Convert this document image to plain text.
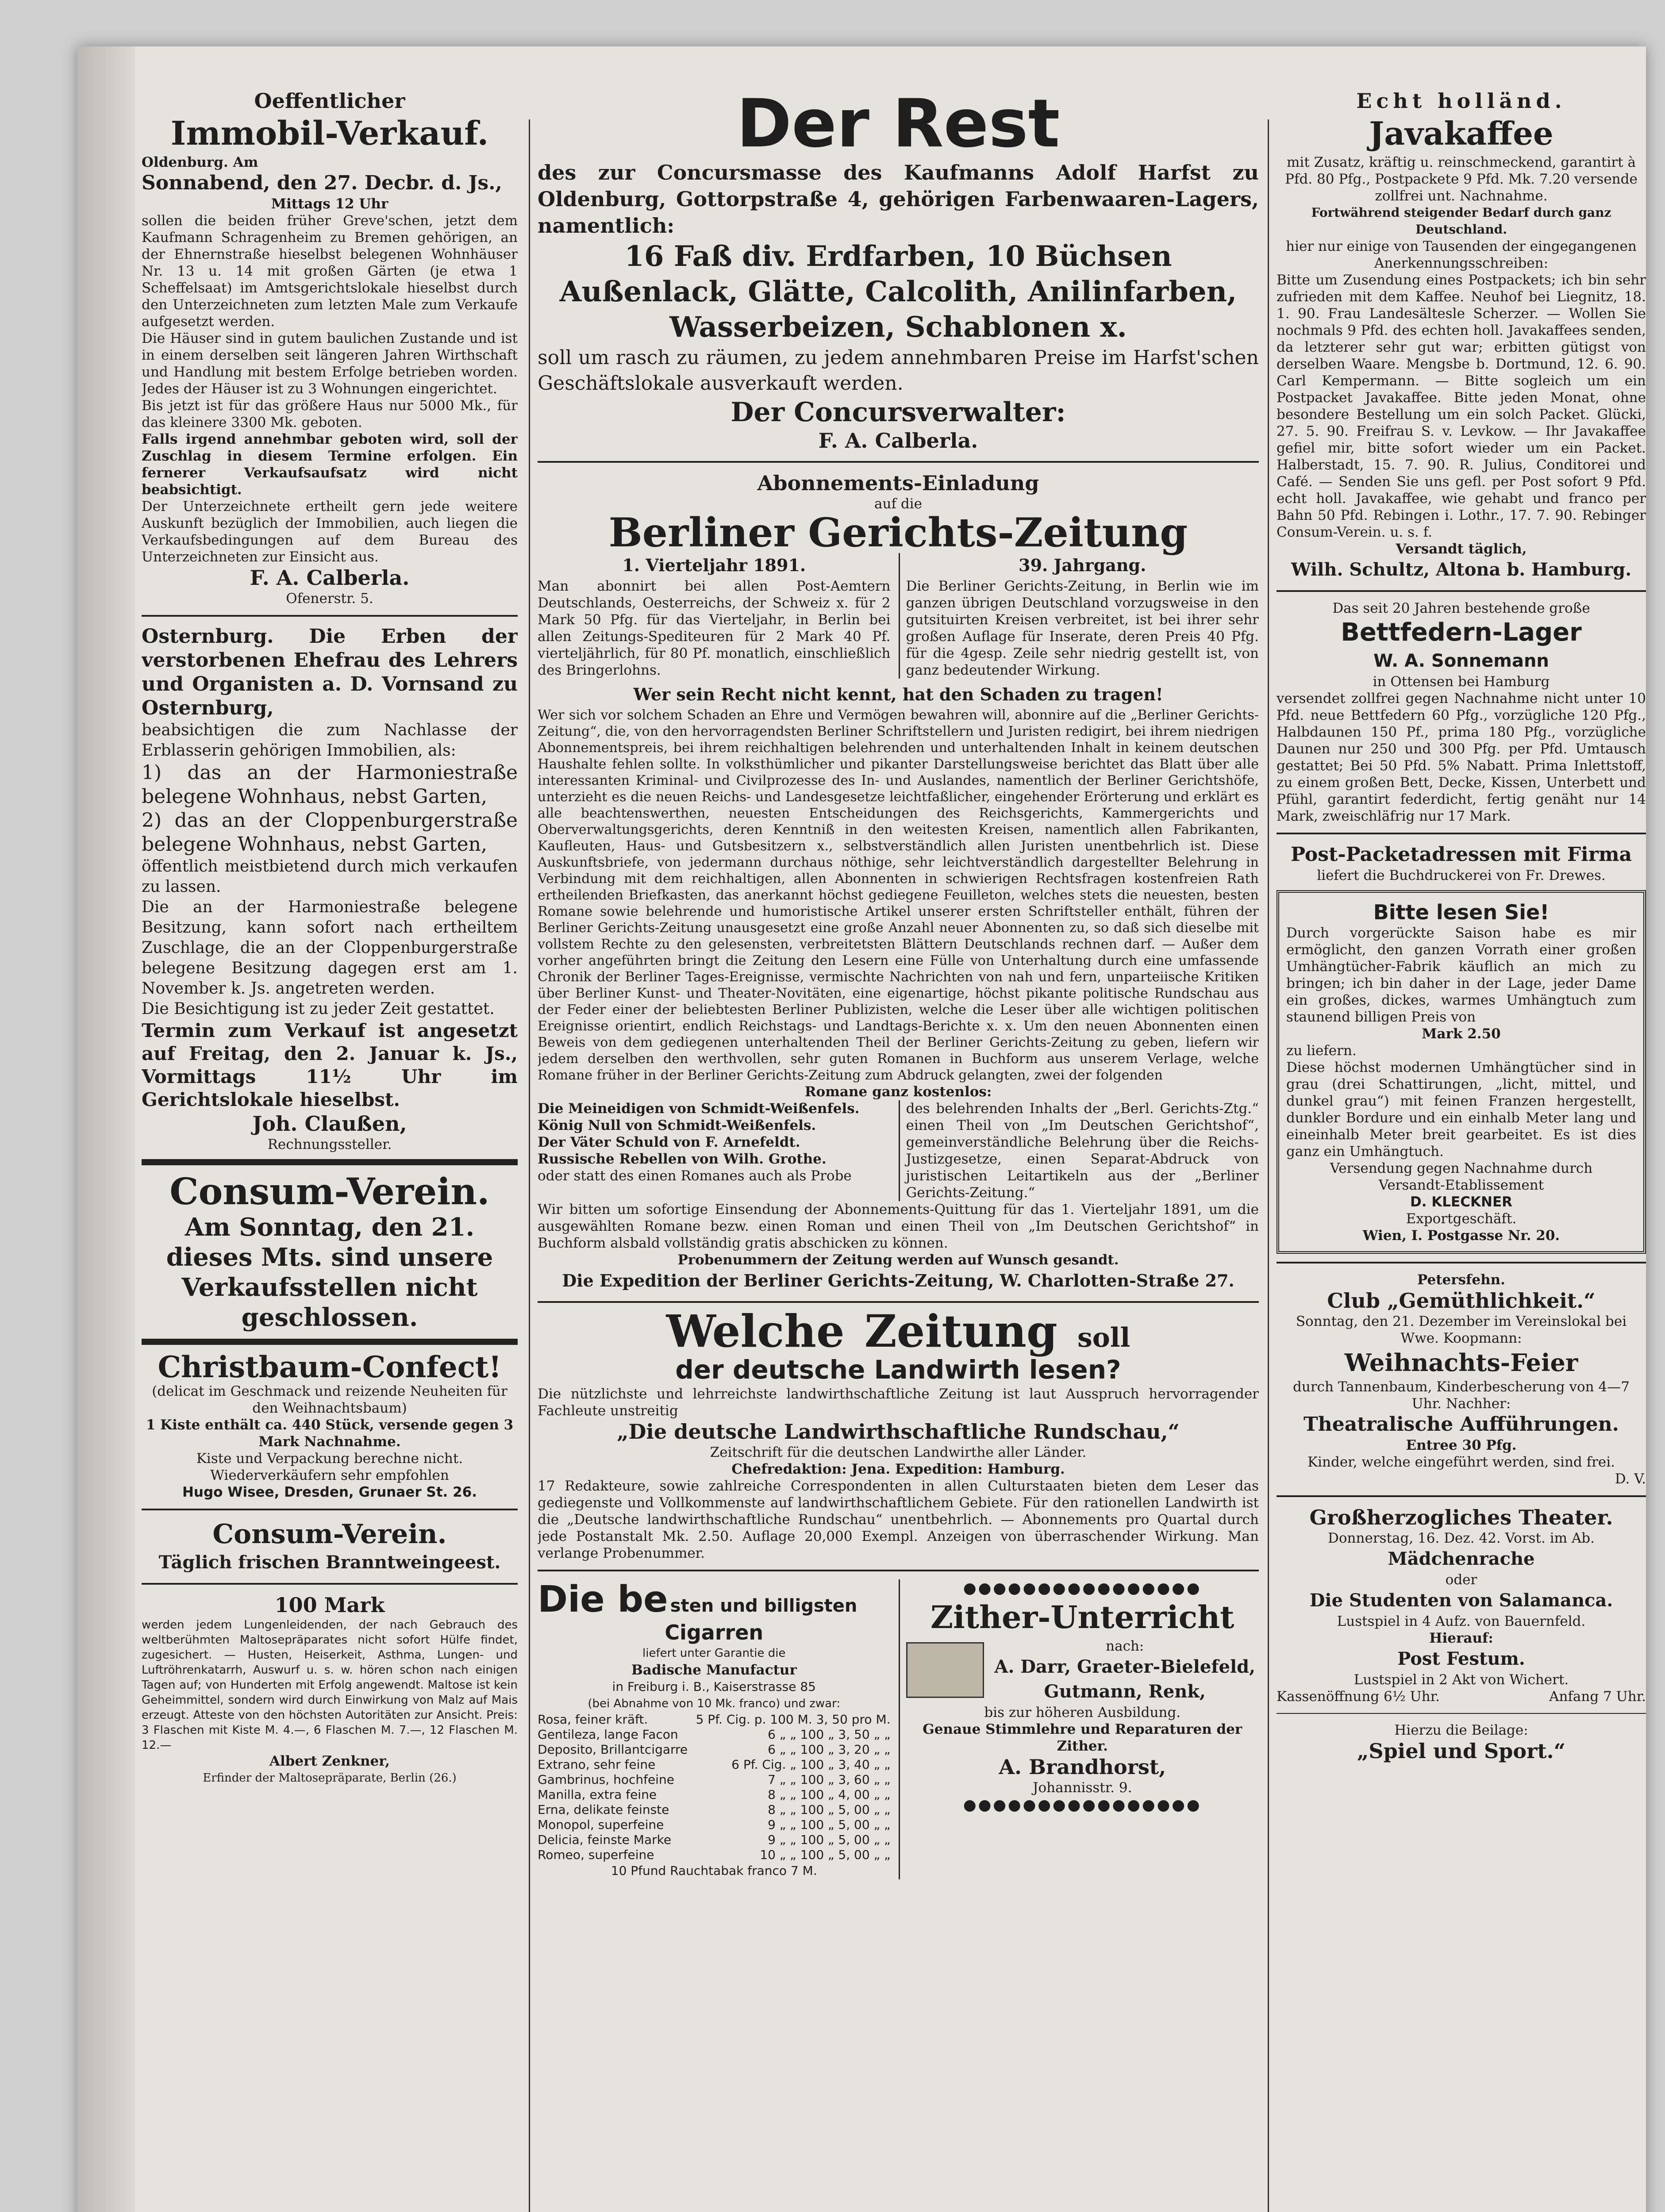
Oeffentlicher
Immobil-Verkauf.
Oldenburg. Am
Sonnabend, den 27. Decbr. d. Js.,
Mittags 12 Uhr

sollen die beiden früher Greve'schen, jetzt dem Kaufmann Schragenheim zu Bremen gehörigen, an der Ehnernstraße hieselbst belegenen Wohnhäuser Nr. 13 u. 14 mit großen Gärten (je etwa 1 Scheffelsaat) im Amtsgerichtslokale hieselbst durch den Unterzeichneten zum letzten Male zum Verkaufe aufgesetzt werden.

Die Häuser sind in gutem baulichen Zustande und ist in einem derselben seit längeren Jahren Wirthschaft und Handlung mit bestem Erfolge betrieben worden. Jedes der Häuser ist zu 3 Wohnungen eingerichtet.

Bis jetzt ist für das größere Haus nur 5000 Mk., für das kleinere 3300 Mk. geboten.

Falls irgend annehmbar geboten wird, soll der Zuschlag in diesem Termine erfolgen. Ein fernerer Verkaufsaufsatz wird nicht beabsichtigt.

Der Unterzeichnete ertheilt gern jede weitere Auskunft bezüglich der Immobilien, auch liegen die Verkaufsbedingungen auf dem Bureau des Unterzeichneten zur Einsicht aus.

F. A. Calberla.
Ofenerstr. 5.
Osternburg. Die Erben der verstorbenen Ehefrau des Lehrers und Organisten a. D. Vornsand zu Osternburg,

beabsichtigen die zum Nachlasse der Erblasserin gehörigen Immobilien, als:

1) das an der Harmoniestraße belegene Wohnhaus, nebst Garten,

2) das an der Cloppenburgerstraße belegene Wohnhaus, nebst Garten,

öffentlich meistbietend durch mich verkaufen zu lassen.

Die an der Harmoniestraße belegene Besitzung, kann sofort nach ertheiltem Zuschlage, die an der Cloppenburgerstraße belegene Besitzung dagegen erst am 1. November k. Js. angetreten werden.

Die Besichtigung ist zu jeder Zeit gestattet.

Termin zum Verkauf ist angesetzt auf Freitag, den 2. Januar k. Js., Vormittags 11½ Uhr im Gerichtslokale hieselbst.

Joh. Claußen,
Rechnungssteller.
Consum-Verein.
Am Sonntag, den 21. dieses Mts. sind unsere Verkaufsstellen nicht geschlossen.
Christbaum-Confect!
(delicat im Geschmack und reizende Neuheiten für den Weihnachtsbaum)
1 Kiste enthält ca. 440 Stück, versende gegen 3 Mark Nachnahme.
Kiste und Verpackung berechne nicht.
Wiederverkäufern sehr empfohlen
Hugo Wisee, Dresden, Grunaer St. 26.
Consum-Verein.
Täglich frischen Branntweingeest.
100 Mark
werden jedem Lungenleidenden, der nach Gebrauch des weltberühmten Maltosepräparates nicht sofort Hülfe findet, zugesichert. — Husten, Heiserkeit, Asthma, Lungen- und Luftröhrenkatarrh, Auswurf u. s. w. hören schon nach einigen Tagen auf; von Hunderten mit Erfolg angewendt. Maltose ist kein Geheimmittel, sondern wird durch Einwirkung von Malz auf Mais erzeugt. Atteste von den höchsten Autoritäten zur Ansicht. Preis: 3 Flaschen mit Kiste M. 4.—, 6 Flaschen M. 7.—, 12 Flaschen M. 12.—
Albert Zenkner,
Erfinder der Maltosepräparate, Berlin (26.)
Der Rest
des zur Concursmasse des Kaufmanns Adolf Harfst zu Oldenburg, Gottorpstraße 4, gehörigen Farbenwaaren-Lagers, namentlich:
16 Faß div. Erdfarben, 10 Büchsen Außenlack, Glätte, Calcolith, Anilinfarben, Wasserbeizen, Schablonen x.
soll um rasch zu räumen, zu jedem annehmbaren Preise im Harfst'schen Geschäftslokale ausverkauft werden.
Der Concursverwalter:
F. A. Calberla.
Abonnements-Einladung
auf die
Berliner Gerichts-Zeitung
1. Vierteljahr 1891.
Man abonnirt bei allen Post-Aemtern Deutschlands, Oesterreichs, der Schweiz x. für 2 Mark 50 Pfg. für das Vierteljahr, in Berlin bei allen Zeitungs-Spediteuren für 2 Mark 40 Pf. vierteljährlich, für 80 Pf. monatlich, einschließlich des Bringerlohns.
39. Jahrgang.
Die Berliner Gerichts-Zeitung, in Berlin wie im ganzen übrigen Deutschland vorzugsweise in den gutsituirten Kreisen verbreitet, ist bei ihrer sehr großen Auflage für Inserate, deren Preis 40 Pfg. für die 4gesp. Zeile sehr niedrig gestellt ist, von ganz bedeutender Wirkung.
Wer sein Recht nicht kennt, hat den Schaden zu tragen!
Wer sich vor solchem Schaden an Ehre und Vermögen bewahren will, abonnire auf die „Berliner Gerichts-Zeitung“, die, von den hervorragendsten Berliner Schriftstellern und Juristen redigirt, bei ihrem niedrigen Abonnementspreis, bei ihrem reichhaltigen belehrenden und unterhaltenden Inhalt in keinem deutschen Haushalte fehlen sollte. In volksthümlicher und pikanter Darstellungsweise berichtet das Blatt über alle interessanten Kriminal- und Civilprozesse des In- und Auslandes, namentlich der Berliner Gerichtshöfe, unterzieht es die neuen Reichs- und Landesgesetze leichtfaßlicher, eingehender Erörterung und erklärt es alle beachtenswerthen, neuesten Entscheidungen des Reichsgerichts, Kammergerichts und Oberverwaltungsgerichts, deren Kenntniß in den weitesten Kreisen, namentlich allen Fabrikanten, Kaufleuten, Haus- und Gutsbesitzern x., selbstverständlich allen Juristen unentbehrlich ist. Diese Auskunftsbriefe, von jedermann durchaus nöthige, sehr leichtverständlich dargestellter Belehrung in Verbindung mit dem reichhaltigen, allen Abonnenten in schwierigen Rechtsfragen kostenfreien Rath ertheilenden Briefkasten, das anerkannt höchst gediegene Feuilleton, welches stets die neuesten, besten Romane sowie belehrende und humoristische Artikel unserer ersten Schriftsteller enthält, führen der Berliner Gerichts-Zeitung unausgesetzt eine große Anzahl neuer Abonnenten zu, so daß sich dieselbe mit vollstem Rechte zu den gelesensten, verbreitetsten Blättern Deutschlands rechnen darf. — Außer dem vorher angeführten bringt die Zeitung den Lesern eine Fülle von Unterhaltung durch eine umfassende Chronik der Berliner Tages-Ereignisse, vermischte Nachrichten von nah und fern, unparteiische Kritiken über Berliner Kunst- und Theater-Novitäten, eine eigenartige, höchst pikante politische Rundschau aus der Feder einer der beliebtesten Berliner Publizisten, welche die Leser über alle wichtigen politischen Ereignisse orientirt, endlich Reichstags- und Landtags-Berichte x. x. Um den neuen Abonnenten einen Beweis von dem gediegenen unterhaltenden Theil der Berliner Gerichts-Zeitung zu geben, liefern wir jedem derselben den werthvollen, sehr guten Romanen in Buchform aus unserem Verlage, welche Romane früher in der Berliner Gerichts-Zeitung zum Abdruck gelangten, zwei der folgenden
Romane ganz kostenlos:
Die Meineidigen von Schmidt-Weißenfels.
König Null von Schmidt-Weißenfels.
Der Väter Schuld von F. Arnefeldt.
Russische Rebellen von Wilh. Grothe.
oder statt des einen Romanes auch als Probe
des belehrenden Inhalts der „Berl. Gerichts-Ztg.“ einen Theil von „Im Deutschen Gerichtshof“, gemeinverständliche Belehrung über die Reichs-Justizgesetze, einen Separat-Abdruck von juristischen Leitartikeln aus der „Berliner Gerichts-Zeitung.“
Wir bitten um sofortige Einsendung der Abonnements-Quittung für das 1. Vierteljahr 1891, um die ausgewählten Romane bezw. einen Roman und einen Theil von „Im Deutschen Gerichtshof“ in Buchform alsbald vollständig gratis abschicken zu können.
Probenummern der Zeitung werden auf Wunsch gesandt.
Die Expedition der Berliner Gerichts-Zeitung, W. Charlotten-Straße 27.
Welche Zeitung soll
der deutsche Landwirth lesen?
Die nützlichste und lehrreichste landwirthschaftliche Zeitung ist laut Ausspruch hervorragender Fachleute unstreitig
„Die deutsche Landwirthschaftliche Rundschau,“
Zeitschrift für die deutschen Landwirthe aller Länder.
Chefredaktion: Jena. Expedition: Hamburg.
17 Redakteure, sowie zahlreiche Correspondenten in allen Culturstaaten bieten dem Leser das gediegenste und Vollkommenste auf landwirthschaftlichem Gebiete. Für den rationellen Landwirth ist die „Deutsche landwirthschaftliche Rundschau“ unentbehrlich. — Abonnements pro Quartal durch jede Postanstalt Mk. 2.50. Auflage 20,000 Exempl. Anzeigen von überraschender Wirkung. Man verlange Probenummer.
Die be sten und billigsten
Cigarren
liefert unter Garantie die
Badische Manufactur
in Freiburg i. B., Kaiserstrasse 85
(bei Abnahme von 10 Mk. franco) und zwar:
Rosa, feiner kräft.	5 Pf. Cig. p. 100 M. 3, 50 pro M.
Gentileza, lange Facon	6 „ „ 100 „ 3, 50 „ „
Deposito, Brillantcigarre	6 „ „ 100 „ 3, 20 „ „
Extrano, sehr feine	6 Pf. Cig. „ 100 „ 3, 40 „ „
Gambrinus, hochfeine	7 „ „ 100 „ 3, 60 „ „
Manilla, extra feine	8 „ „ 100 „ 4, 00 „ „
Erna, delikate feinste	8 „ „ 100 „ 5, 00 „ „
Monopol, superfeine	9 „ „ 100 „ 5, 00 „ „
Delicia, feinste Marke	9 „ „ 100 „ 5, 00 „ „
Romeo, superfeine	10 „ „ 100 „ 5, 00 „ „
10 Pfund Rauchtabak franco 7 M.
●●●●●●●●●●●●●●●●
Zither-Unterricht
nach:
A. Darr, Graeter-Bielefeld, Gutmann, Renk,
bis zur höheren Ausbildung.
Genaue Stimmlehre und Reparaturen der Zither.
A. Brandhorst,
Johannisstr. 9.
●●●●●●●●●●●●●●●●
Echt holländ.
Javakaffee
mit Zusatz, kräftig u. reinschmeckend, garantirt à Pfd. 80 Pfg., Postpackete 9 Pfd. Mk. 7.20 versende zollfrei unt. Nachnahme.
Fortwährend steigender Bedarf durch ganz Deutschland.
hier nur einige von Tausenden der eingegangenen Anerkennungsschreiben:
Bitte um Zusendung eines Postpackets; ich bin sehr zufrieden mit dem Kaffee. Neuhof bei Liegnitz, 18. 1. 90. Frau Landesältesle Scherzer. — Wollen Sie nochmals 9 Pfd. des echten holl. Javakaffees senden, da letzterer sehr gut war; erbitten gütigst von derselben Waare. Mengsbe b. Dortmund, 12. 6. 90. Carl Kempermann. — Bitte sogleich um ein Postpacket Javakaffee. Bitte jeden Monat, ohne besondere Bestellung um ein solch Packet. Glücki, 27. 5. 90. Freifrau S. v. Levkow. — Ihr Javakaffee gefiel mir, bitte sofort wieder um ein Packet. Halberstadt, 15. 7. 90. R. Julius, Conditorei und Café. — Senden Sie uns gefl. per Post sofort 9 Pfd. echt holl. Javakaffee, wie gehabt und franco per Bahn 50 Pfd. Rebingen i. Lothr., 17. 7. 90. Rebinger Consum-Verein. u. s. f.
Versandt täglich,
Wilh. Schultz, Altona b. Hamburg.
Das seit 20 Jahren bestehende große
Bettfedern-Lager
W. A. Sonnemann
in Ottensen bei Hamburg
versendet zollfrei gegen Nachnahme nicht unter 10 Pfd. neue Bettfedern 60 Pfg., vorzügliche 120 Pfg., Halbdaunen 150 Pf., prima 180 Pfg., vorzügliche Daunen nur 250 und 300 Pfg. per Pfd. Umtausch gestattet; Bei 50 Pfd. 5% Nabatt. Prima Inlettstoff, zu einem großen Bett, Decke, Kissen, Unterbett und Pfühl, garantirt federdicht, fertig genäht nur 14 Mark, zweischläfrig nur 17 Mark.
Post-Packetadressen mit Firma
liefert die Buchdruckerei von Fr. Drewes.
Bitte lesen Sie!
Durch vorgerückte Saison habe es mir ermöglicht, den ganzen Vorrath einer großen Umhängtücher-Fabrik käuflich an mich zu bringen; ich bin daher in der Lage, jeder Dame ein großes, dickes, warmes Umhängtuch zum staunend billigen Preis von
Mark 2.50
zu liefern.
Diese höchst modernen Umhängtücher sind in grau (drei Schattirungen, „licht, mittel, und dunkel grau“) mit feinen Franzen hergestellt, dunkler Bordure und ein einhalb Meter lang und eineinhalb Meter breit gearbeitet. Es ist dies ganz ein Umhängtuch.
Versendung gegen Nachnahme durch
Versandt-Etablissement
D. KLECKNER
Exportgeschäft.
Wien, I. Postgasse Nr. 20.
Petersfehn.
Club „Gemüthlichkeit.“
Sonntag, den 21. Dezember im Vereinslokal bei Wwe. Koopmann:
Weihnachts-Feier
durch Tannenbaum, Kinderbescherung von 4—7 Uhr. Nachher:
Theatralische Aufführungen.
Entree 30 Pfg.
Kinder, welche eingeführt werden, sind frei.
D. V.
Großherzogliches Theater.
Donnerstag, 16. Dez. 42. Vorst. im Ab.
Mädchenrache
oder
Die Studenten von Salamanca.
Lustspiel in 4 Aufz. von Bauernfeld.
Hierauf:
Post Festum.
Lustspiel in 2 Akt von Wichert.
Kassenöffnung 6½ Uhr.	Anfang 7 Uhr.
Hierzu die Beilage:
„Spiel und Sport.“
